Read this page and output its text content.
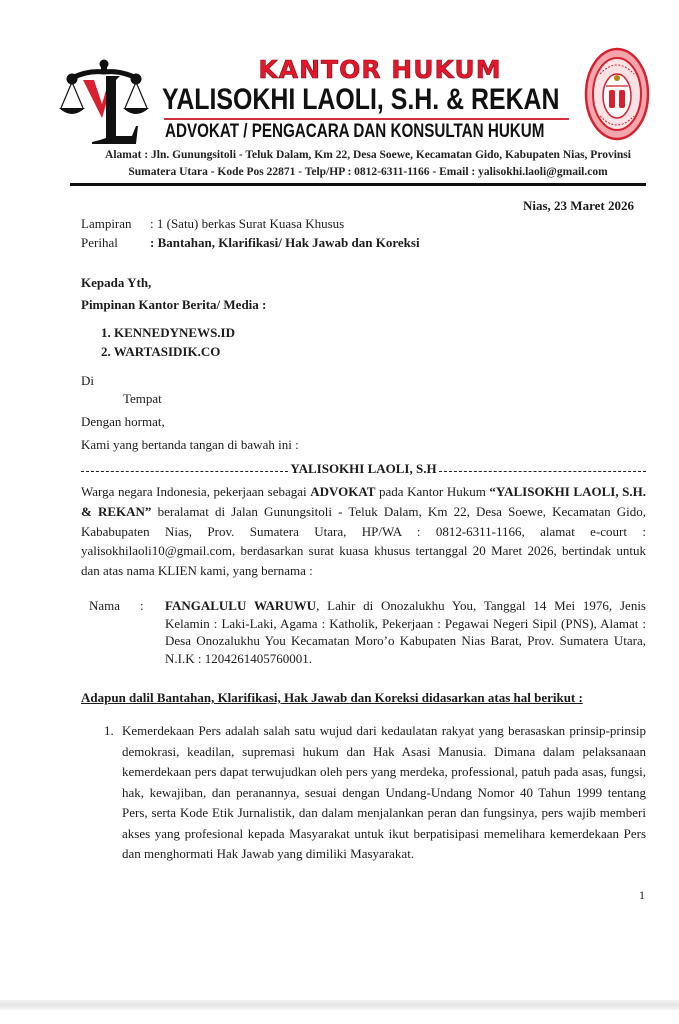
KANTOR HUKUM
YALISOKHI LAOLI, S.H. & REKAN
ADVOKAT / PENGACARA DAN KONSULTAN HUKUM
Alamat : Jln. Gunungsitoli - Teluk Dalam, Km 22, Desa Soewe, Kecamatan Gido, Kabupaten Nias, Provinsi
Sumatera Utara - Kode Pos 22871 - Telp/HP : 0812-6311-1166 - Email : yalisokhi.laoli@gmail.com
Nias, 23 Maret 2026
Lampiran : 1 (Satu) berkas Surat Kuasa Khusus
Perihal : Bantahan, Klarifikasi/ Hak Jawab dan Koreksi
Kepada Yth,
Pimpinan Kantor Berita/ Media :
1. KENNEDYNEWS.ID
2. WARTASIDIK.CO
Di
Tempat
Dengan hormat,
Kami yang bertanda tangan di bawah ini :
YALISOKHI LAOLI, S.H
Warga negara Indonesia, pekerjaan sebagai ADVOKAT pada Kantor Hukum “YALISOKHI LAOLI, S.H. & REKAN” beralamat di Jalan Gunungsitoli - Teluk Dalam, Km 22, Desa Soewe, Kecamatan Gido, Kababupaten Nias, Prov. Sumatera Utara, HP/WA : 0812-6311-1166, alamat e-court : yalisokhilaoli10@gmail.com, berdasarkan surat kuasa khusus tertanggal 20 Maret 2026, bertindak untuk dan atas nama KLIEN kami, yang bernama :
Nama : FANGALULU WARUWU, Lahir di Onozalukhu You, Tanggal 14 Mei 1976, Jenis Kelamin : Laki-Laki, Agama : Katholik, Pekerjaan : Pegawai Negeri Sipil (PNS), Alamat : Desa Onozalukhu You Kecamatan Moro’o Kabupaten Nias Barat, Prov. Sumatera Utara, N.I.K : 1204261405760001.
Adapun dalil Bantahan, Klarifikasi, Hak Jawab dan Koreksi didasarkan atas hal berikut :
1. Kemerdekaan Pers adalah salah satu wujud dari kedaulatan rakyat yang berasaskan prinsip-prinsip demokrasi, keadilan, supremasi hukum dan Hak Asasi Manusia. Dimana dalam pelaksanaan kemerdekaan pers dapat terwujudkan oleh pers yang merdeka, professional, patuh pada asas, fungsi, hak, kewajiban, dan peranannya, sesuai dengan Undang-Undang Nomor 40 Tahun 1999 tentang Pers, serta Kode Etik Jurnalistik, dan dalam menjalankan peran dan fungsinya, pers wajib memberi akses yang profesional kepada Masyarakat untuk ikut berpatisipasi memelihara kemerdekaan Pers dan menghormati Hak Jawab yang dimiliki Masyarakat.
1
